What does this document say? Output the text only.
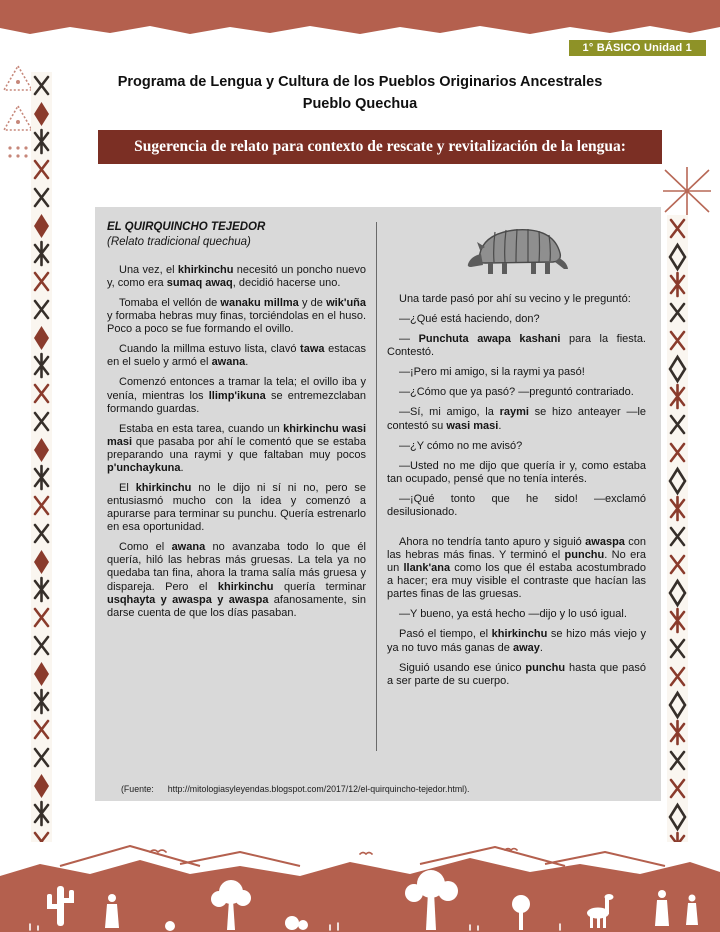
1° BÁSICO Unidad 1
Programa de Lengua y Cultura de los Pueblos Originarios Ancestrales
Pueblo Quechua
Sugerencia de relato para contexto de rescate y revitalización de la lengua:
EL QUIRQUINCHO TEJEDOR
(Relato tradicional quechua)

Una vez, el khirkinchu necesitó un poncho nuevo y, como era sumaq awaq, decidió hacerse uno.

Tomaba el vellón de wanaku millma y de wik'uña y formaba hebras muy finas, torciéndolas en el huso. Poco a poco se fue formando el ovillo.

Cuando la millma estuvo lista, clavó tawa estacas en el suelo y armó el awana.

Comenzó entonces a tramar la tela; el ovillo iba y venía, mientras los llimp'ikuna se entremezclaban formando guardas.

Estaba en esta tarea, cuando un khirkinchu wasi masi que pasaba por ahí le comentó que se estaba preparando una raymi y que faltaban muy pocos p'unchaykuna.

El khirkinchu no le dijo ni sí ni no, pero se entusiasmó mucho con la idea y comenzó a apurarse para terminar su punchu. Quería estrenarlo en esa oportunidad.

Como el awana no avanzaba todo lo que él quería, hiló las hebras más gruesas. La tela ya no quedaba tan fina, ahora la trama salía más gruesa y dispareja. Pero el khirkinchu quería terminar usqhayta y awaspa y awaspa afanosamente, sin darse cuenta de que los días pasaban.

Una tarde pasó por ahí su vecino y le preguntó:

—¿Qué está haciendo, don?

— Punchuta awapa kashani para la fiesta. Contestó.

—¡Pero mi amigo, si la raymi ya pasó!

—¿Cómo que ya pasó? —preguntó contrariado.

—Sí, mi amigo, la raymi se hizo anteayer —le contestó su wasi masi.

—¿Y cómo no me avisó?

—Usted no me dijo que quería ir y, como estaba tan ocupado, pensé que no tenía interés.

—¡Qué tonto que he sido! —exclamó desilusionado.

Ahora no tendría tanto apuro y siguió awaspa con las hebras más finas. Y terminó el punchu. No era un llank'ana como los que él estaba acostumbrado a hacer; era muy visible el contraste que hacían las partes finas de las gruesas.

—Y bueno, ya está hecho —dijo y lo usó igual.

Pasó el tiempo, el khirkinchu se hizo más viejo y ya no tuvo más ganas de away.

Siguió usando ese único punchu hasta que pasó a ser parte de su cuerpo.

(Fuente: http://mitologiasyleyendas.blogspot.com/2017/12/el-quirquincho-tejedor.html).
